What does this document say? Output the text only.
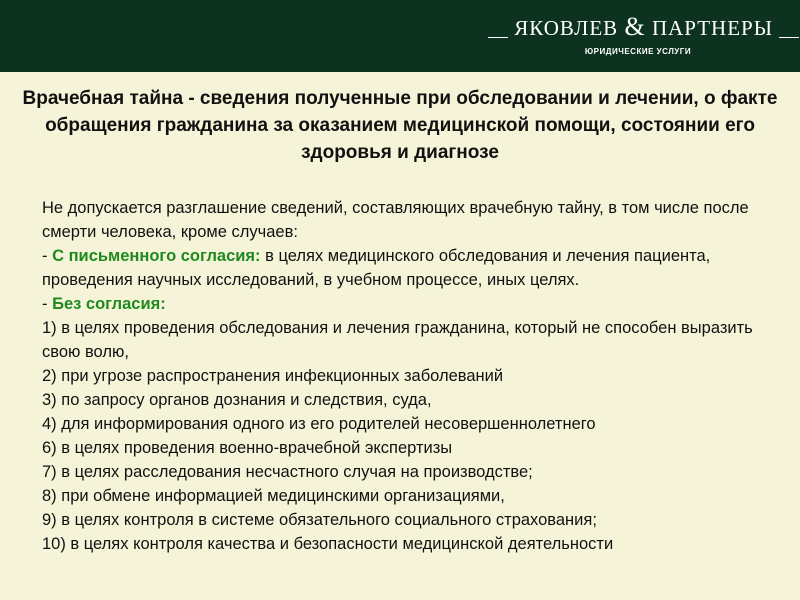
ЯКОВЛЕВ & ПАРТНЕРЫ
ЮРИДИЧЕСКИЕ УСЛУГИ
Врачебная тайна - сведения полученные при обследовании и лечении, о факте обращения гражданина за оказанием медицинской помощи, состоянии его здоровья и диагнозе

Не допускается разглашение сведений, составляющих врачебную тайну, в том числе после смерти человека, кроме случаев:

- С письменного согласия: в целях медицинского обследования и лечения пациента, проведения научных исследований, в учебном процессе, иных целях.

- Без согласия:

1) в целях проведения обследования и лечения гражданина, который не способен выразить свою волю,

2) при угрозе распространения инфекционных заболеваний

3) по запросу органов дознания и следствия, суда,

4) для информирования одного из его родителей несовершеннолетнего

6) в целях проведения военно-врачебной экспертизы

7) в целях расследования несчастного случая на производстве;

8) при обмене информацией медицинскими организациями,

9) в целях контроля в системе обязательного социального страхования;

10) в целях контроля качества и безопасности медицинской деятельности
